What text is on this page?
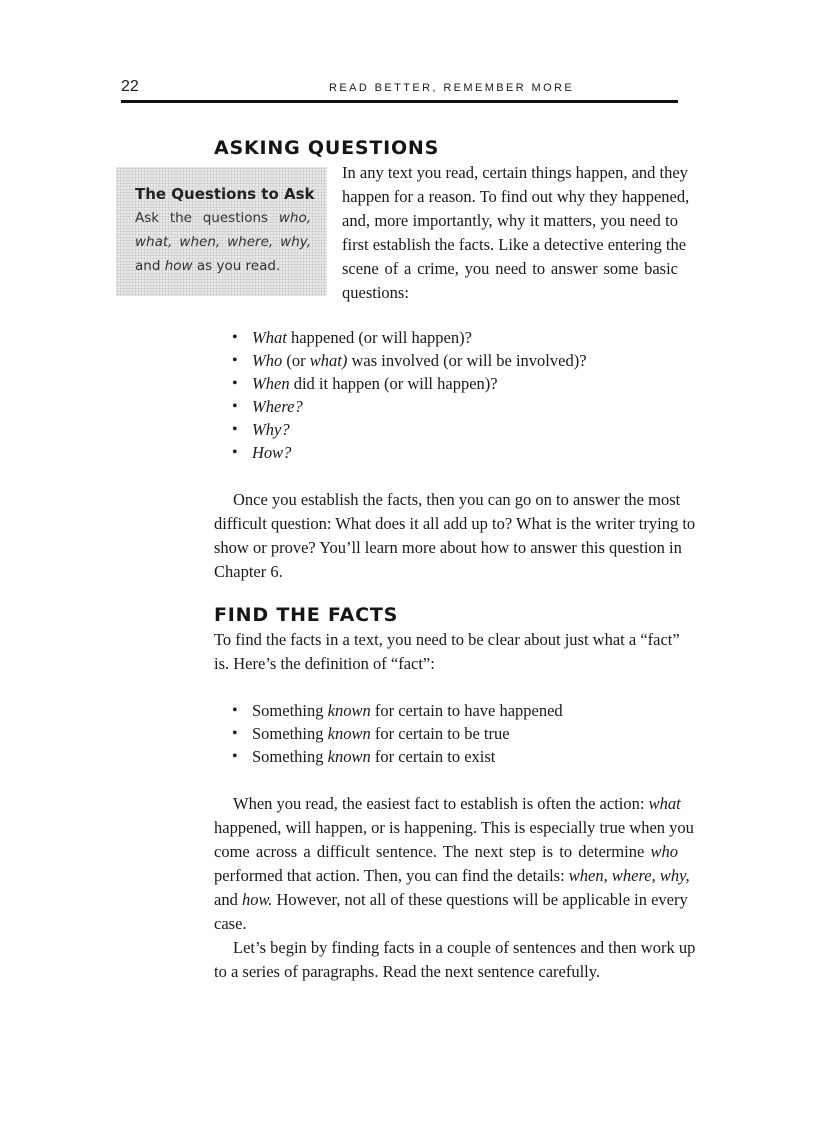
22	READ BETTER, REMEMBER MORE
ASKING QUESTIONS
The Questions to Ask
Ask the questions who,
what, when, where, why,
and how as you read.
In any text you read, certain things happen, and they
happen for a reason. To find out why they happened,
and, more importantly, why it matters, you need to
first establish the facts. Like a detective entering the
scene of a crime, you need to answer some basic
questions:
• What happened (or will happen)?
• Who (or what) was involved (or will be involved)?
• When did it happen (or will happen)?
• Where?
• Why?
• How?
Once you establish the facts, then you can go on to answer the most
difficult question: What does it all add up to? What is the writer trying to
show or prove? You’ll learn more about how to answer this question in
Chapter 6.
FIND THE FACTS
To find the facts in a text, you need to be clear about just what a “fact”
is. Here’s the definition of “fact”:
• Something known for certain to have happened
• Something known for certain to be true
• Something known for certain to exist
When you read, the easiest fact to establish is often the action: what
happened, will happen, or is happening. This is especially true when you
come across a difficult sentence. The next step is to determine who
performed that action. Then, you can find the details: when, where, why,
and how. However, not all of these questions will be applicable in every
case.
Let’s begin by finding facts in a couple of sentences and then work up
to a series of paragraphs. Read the next sentence carefully.
